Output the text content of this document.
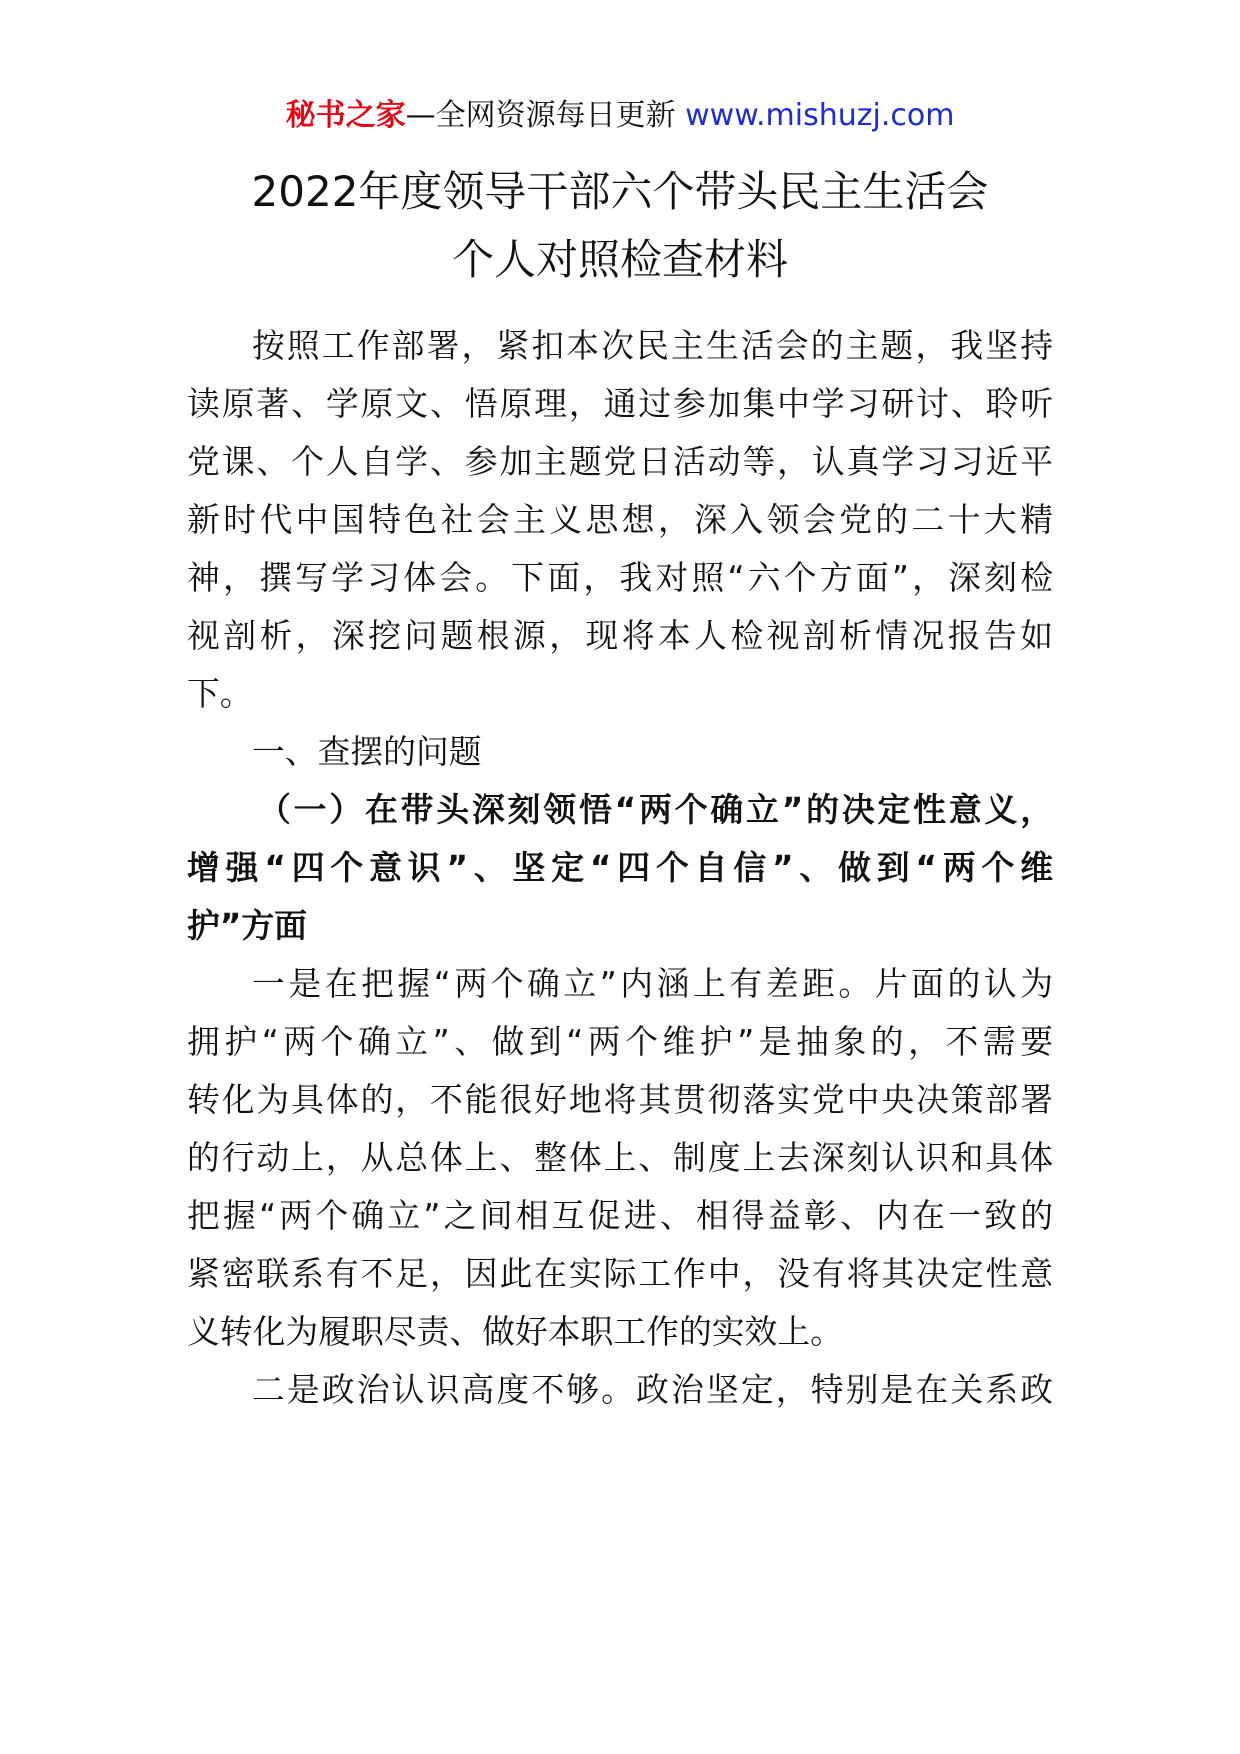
秘书之家—全网资源每日更新 www.mishuzj.com
2022年度领导干部六个带头民主生活会
个人对照检查材料
按照工作部署，紧扣本次民主生活会的主题，我坚持
读原著、学原文、悟原理，通过参加集中学习研讨、聆听
党课、个人自学、参加主题党日活动等，认真学习习近平
新时代中国特色社会主义思想，深入领会党的二十大精
神，撰写学习体会。下面，我对照“六个方面”，深刻检
视剖析，深挖问题根源，现将本人检视剖析情况报告如
下。
一、查摆的问题
（一）在带头深刻领悟“两个确立”的决定性意义，
增强“四个意识”、坚定“四个自信”、做到“两个维
护”方面
一是在把握“两个确立”内涵上有差距。片面的认为
拥护“两个确立”、做到“两个维护”是抽象的，不需要
转化为具体的，不能很好地将其贯彻落实党中央决策部署
的行动上，从总体上、整体上、制度上去深刻认识和具体
把握“两个确立”之间相互促进、相得益彰、内在一致的
紧密联系有不足，因此在实际工作中，没有将其决定性意
义转化为履职尽责、做好本职工作的实效上。
二是政治认识高度不够。政治坚定，特别是在关系政
